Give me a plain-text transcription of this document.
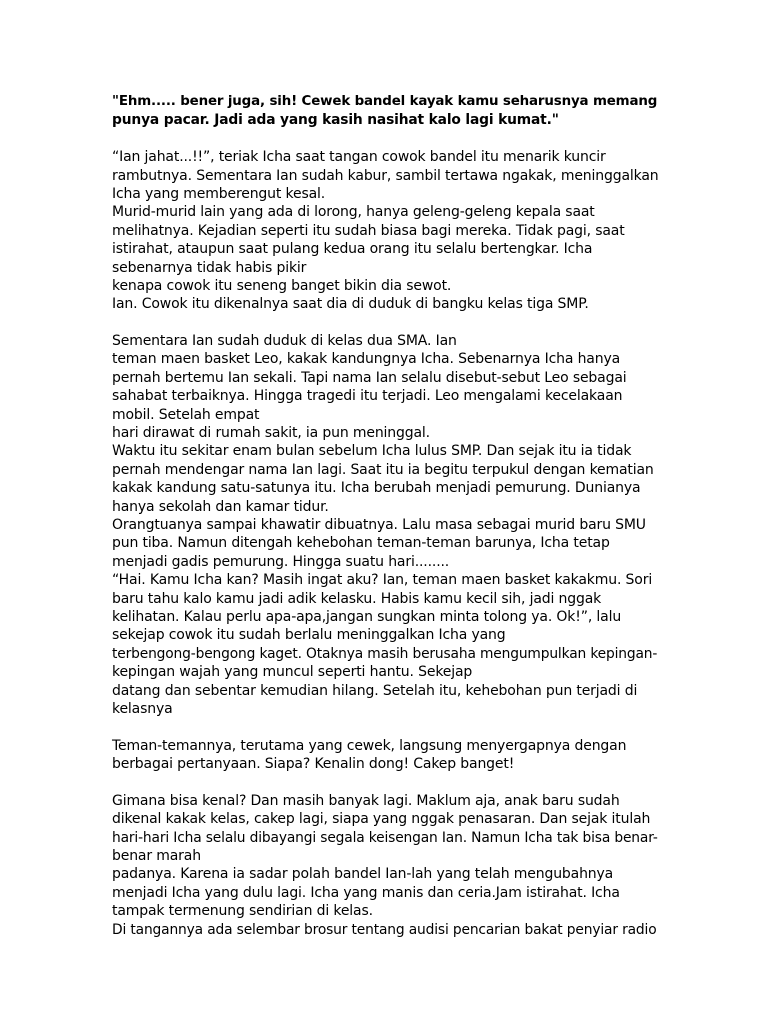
"Ehm..... bener juga, sih! Cewek bandel kayak kamu seharusnya memang
punya pacar. Jadi ada yang kasih nasihat kalo lagi kumat."
“Ian jahat...!!”, teriak Icha saat tangan cowok bandel itu menarik kuncir
rambutnya. Sementara Ian sudah kabur, sambil tertawa ngakak, meninggalkan
Icha yang memberengut kesal.
Murid-murid lain yang ada di lorong, hanya geleng-geleng kepala saat
melihatnya. Kejadian seperti itu sudah biasa bagi mereka. Tidak pagi, saat
istirahat, ataupun saat pulang kedua orang itu selalu bertengkar. Icha
sebenarnya tidak habis pikir
kenapa cowok itu seneng banget bikin dia sewot.
Ian. Cowok itu dikenalnya saat dia di duduk di bangku kelas tiga SMP.
Sementara Ian sudah duduk di kelas dua SMA. Ian
teman maen basket Leo, kakak kandungnya Icha. Sebenarnya Icha hanya
pernah bertemu Ian sekali. Tapi nama Ian selalu disebut-sebut Leo sebagai
sahabat terbaiknya. Hingga tragedi itu terjadi. Leo mengalami kecelakaan
mobil. Setelah empat
hari dirawat di rumah sakit, ia pun meninggal.
Waktu itu sekitar enam bulan sebelum Icha lulus SMP. Dan sejak itu ia tidak
pernah mendengar nama Ian lagi. Saat itu ia begitu terpukul dengan kematian
kakak kandung satu-satunya itu. Icha berubah menjadi pemurung. Dunianya
hanya sekolah dan kamar tidur.
Orangtuanya sampai khawatir dibuatnya. Lalu masa sebagai murid baru SMU
pun tiba. Namun ditengah kehebohan teman-teman barunya, Icha tetap
menjadi gadis pemurung. Hingga suatu hari........
“Hai. Kamu Icha kan? Masih ingat aku? Ian, teman maen basket kakakmu. Sori
baru tahu kalo kamu jadi adik kelasku. Habis kamu kecil sih, jadi nggak
kelihatan. Kalau perlu apa-apa,jangan sungkan minta tolong ya. Ok!”, lalu
sekejap cowok itu sudah berlalu meninggalkan Icha yang
terbengong-bengong kaget. Otaknya masih berusaha mengumpulkan kepingan-
kepingan wajah yang muncul seperti hantu. Sekejap
datang dan sebentar kemudian hilang. Setelah itu, kehebohan pun terjadi di
kelasnya
Teman-temannya, terutama yang cewek, langsung menyergapnya dengan
berbagai pertanyaan. Siapa? Kenalin dong! Cakep banget!
Gimana bisa kenal? Dan masih banyak lagi. Maklum aja, anak baru sudah
dikenal kakak kelas, cakep lagi, siapa yang nggak penasaran. Dan sejak itulah
hari-hari Icha selalu dibayangi segala keisengan Ian. Namun Icha tak bisa benar-
benar marah
padanya. Karena ia sadar polah bandel Ian-lah yang telah mengubahnya
menjadi Icha yang dulu lagi. Icha yang manis dan ceria.Jam istirahat. Icha
tampak termenung sendirian di kelas.
Di tangannya ada selembar brosur tentang audisi pencarian bakat penyiar radio
